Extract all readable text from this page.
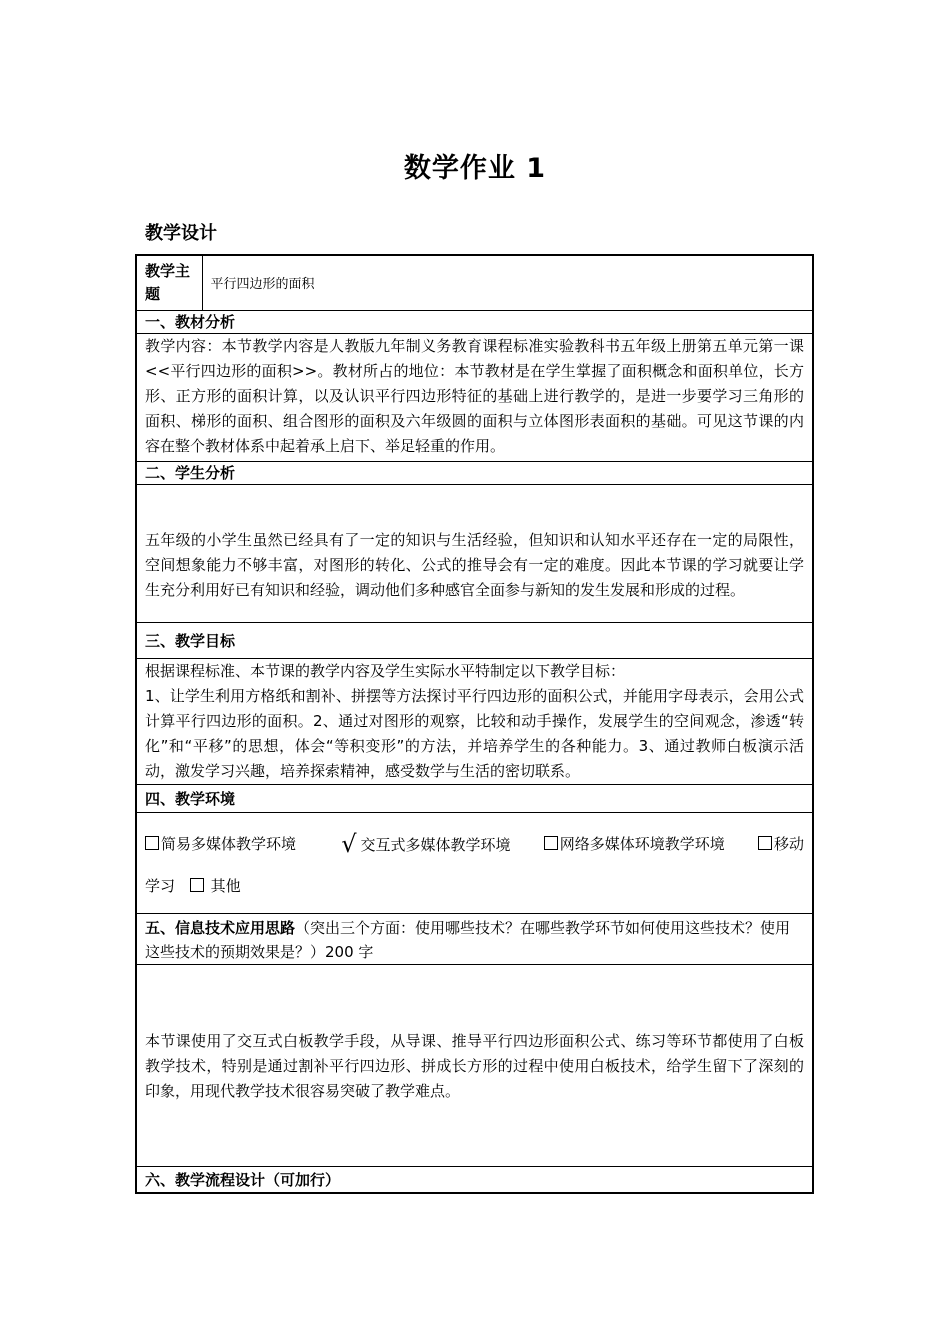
数学作业 1
教学设计
教学主题	平行四边形的面积
一、教材分析
教学内容：本节教学内容是人教版九年制义务教育课程标准实验教科书五年级上册第五单元第一课<<平行四边形的面积>>。教材所占的地位：本节教材是在学生掌握了面积概念和面积单位，长方形、正方形的面积计算，以及认识平行四边形特征的基础上进行教学的，是进一步要学习三角形的面积、梯形的面积、组合图形的面积及六年级圆的面积与立体图形表面积的基础。可见这节课的内容在整个教材体系中起着承上启下、举足轻重的作用。
二、学生分析
五年级的小学生虽然已经具有了一定的知识与生活经验，但知识和认知水平还存在一定的局限性，空间想象能力不够丰富，对图形的转化、公式的推导会有一定的难度。因此本节课的学习就要让学生充分利用好已有知识和经验，调动他们多种感官全面参与新知的发生发展和形成的过程。
三、教学目标

根据课程标准、本节课的教学内容及学生实际水平特制定以下教学目标：
1、让学生利用方格纸和割补、拼摆等方法探讨平行四边形的面积公式，并能用字母表示，会用公式计算平行四边形的面积。2、通过对图形的观察，比较和动手操作，发展学生的空间观念，渗透“转化”和“平移”的思想，体会“等积变形”的方法，并培养学生的各种能力。3、通过教师白板演示活动，激发学习兴趣，培养探索精神，感受数学与生活的密切联系。

四、教学环境

简易多媒体教学环境	√ 交互式多媒体教学环境	网络多媒体环境教学环境	移动
学习 其他

五、信息技术应用思路（突出三个方面：使用哪些技术？在哪些教学环节如何使用这些技术？使用这些技术的预期效果是？）200 字
本节课使用了交互式白板教学手段，从导课、推导平行四边形面积公式、练习等环节都使用了白板教学技术，特别是通过割补平行四边形、拼成长方形的过程中使用白板技术，给学生留下了深刻的印象，用现代教学技术很容易突破了教学难点。
六、教学流程设计（可加行）
